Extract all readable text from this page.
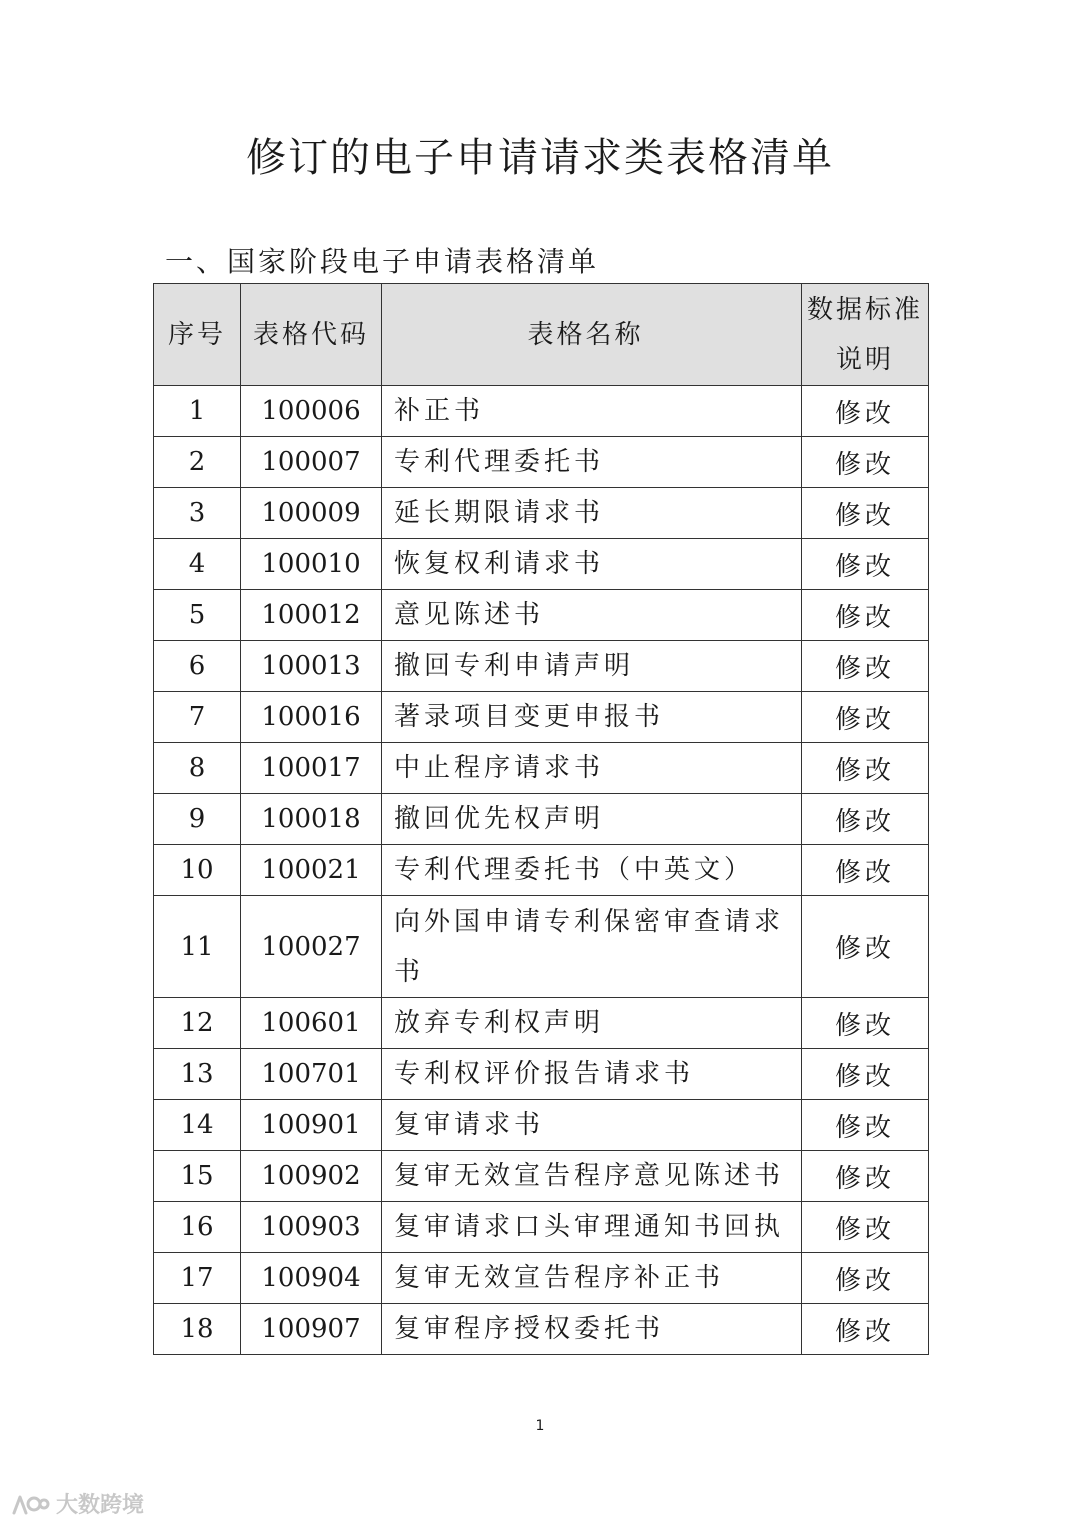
修订的电子申请请求类表格清单
一、国家阶段电子申请表格清单
序号	表格代码	表格名称	数据标准说明
1	100006	补正书	修改
2	100007	专利代理委托书	修改
3	100009	延长期限请求书	修改
4	100010	恢复权利请求书	修改
5	100012	意见陈述书	修改
6	100013	撤回专利申请声明	修改
7	100016	著录项目变更申报书	修改
8	100017	中止程序请求书	修改
9	100018	撤回优先权声明	修改
10	100021	专利代理委托书（中英文）	修改
11	100027	向外国申请专利保密审查请求书	修改
12	100601	放弃专利权声明	修改
13	100701	专利权评价报告请求书	修改
14	100901	复审请求书	修改
15	100902	复审无效宣告程序意见陈述书	修改
16	100903	复审请求口头审理通知书回执	修改
17	100904	复审无效宣告程序补正书	修改
18	100907	复审程序授权委托书	修改
1
大数跨境
